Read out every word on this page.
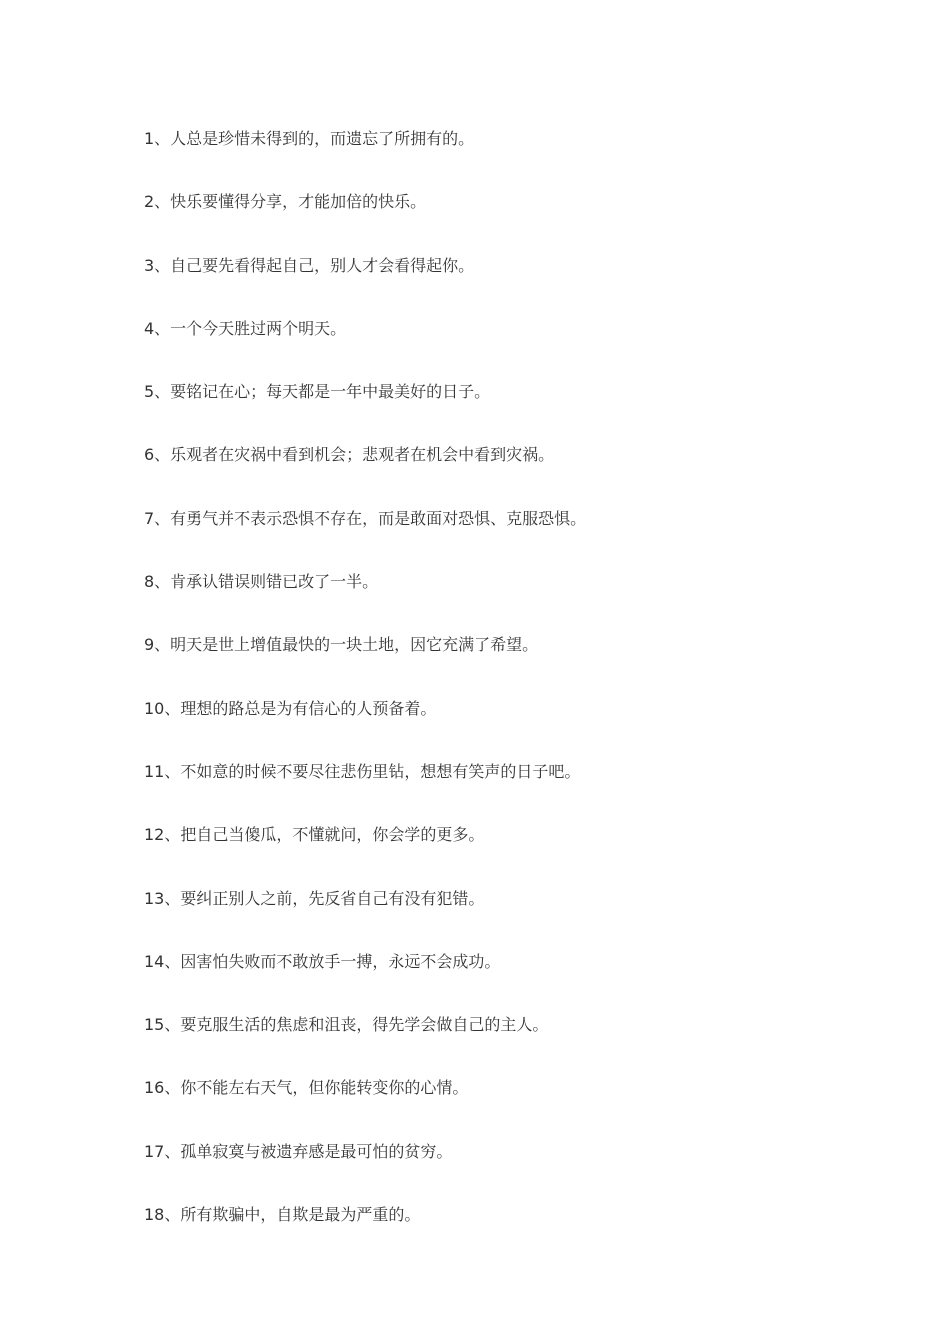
1、人总是珍惜未得到的，而遗忘了所拥有的。
2、快乐要懂得分享，才能加倍的快乐。
3、自己要先看得起自己，别人才会看得起你。
4、一个今天胜过两个明天。
5、要铭记在心；每天都是一年中最美好的日子。
6、乐观者在灾祸中看到机会；悲观者在机会中看到灾祸。
7、有勇气并不表示恐惧不存在，而是敢面对恐惧、克服恐惧。
8、肯承认错误则错已改了一半。
9、明天是世上增值最快的一块土地，因它充满了希望。
10、理想的路总是为有信心的人预备着。
11、不如意的时候不要尽往悲伤里钻，想想有笑声的日子吧。
12、把自己当傻瓜，不懂就问，你会学的更多。
13、要纠正别人之前，先反省自己有没有犯错。
14、因害怕失败而不敢放手一搏，永远不会成功。
15、要克服生活的焦虑和沮丧，得先学会做自己的主人。
16、你不能左右天气，但你能转变你的心情。
17、孤单寂寞与被遗弃感是最可怕的贫穷。
18、所有欺骗中，自欺是最为严重的。
